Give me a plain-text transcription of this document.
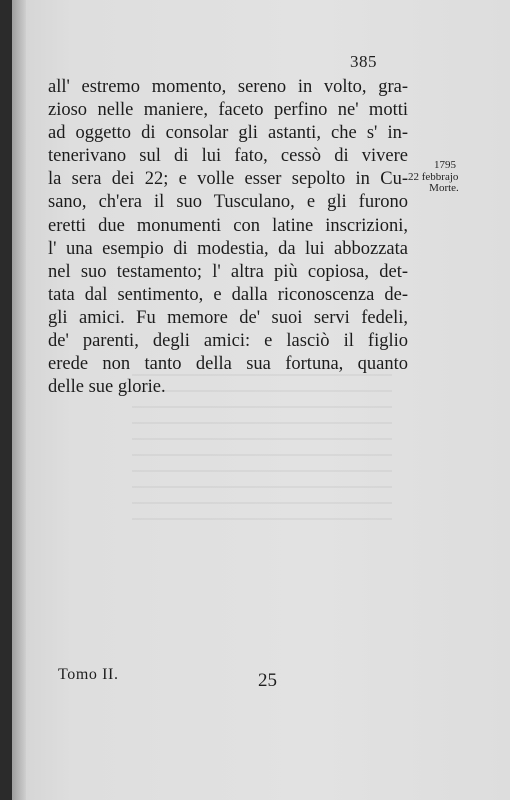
385
all' estremo momento, sereno in volto, gra-
zioso nelle maniere, faceto perfino ne' motti
ad oggetto di consolar gli astanti, che s' in-
tenerivano sul di lui fato, cessò di vivere
la sera dei 22; e volle esser sepolto in Cu-
sano, ch'era il suo Tusculano, e gli furono
eretti due monumenti con latine inscrizioni,
l' una esempio di modestia, da lui abbozzata
nel suo testamento; l' altra più copiosa, det-
tata dal sentimento, e dalla riconoscenza de-
gli amici. Fu memore de' suoi servi fedeli,
de' parenti, degli amici: e lasciò il figlio
erede non tanto della sua fortuna, quanto
delle sue glorie.
1795
22 febbrajo
Morte.
Tomo II.	25
